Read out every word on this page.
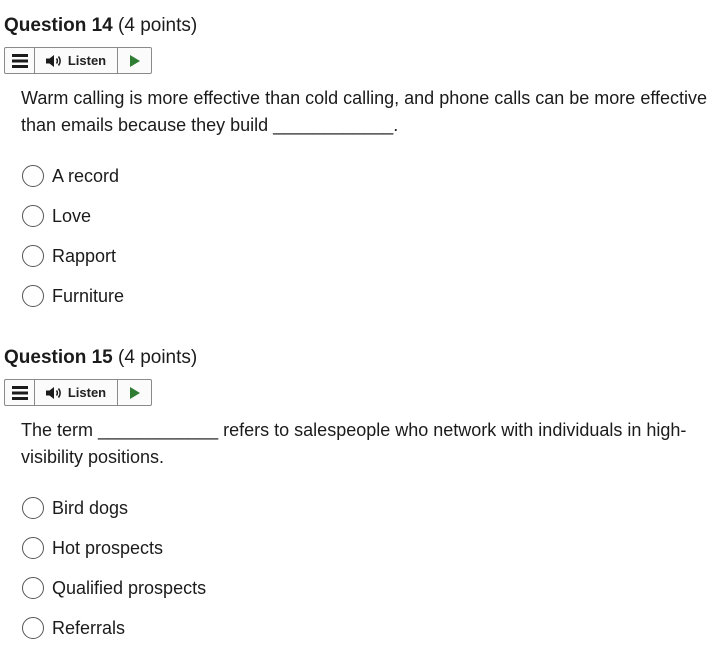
Question 14 (4 points)
Listen
Warm calling is more effective than cold calling, and phone calls can be more effective than emails because they build ____________.
A record
Love
Rapport
Furniture
Question 15 (4 points)
Listen
The term ____________ refers to salespeople who network with individuals in high-visibility positions.
Bird dogs
Hot prospects
Qualified prospects
Referrals
